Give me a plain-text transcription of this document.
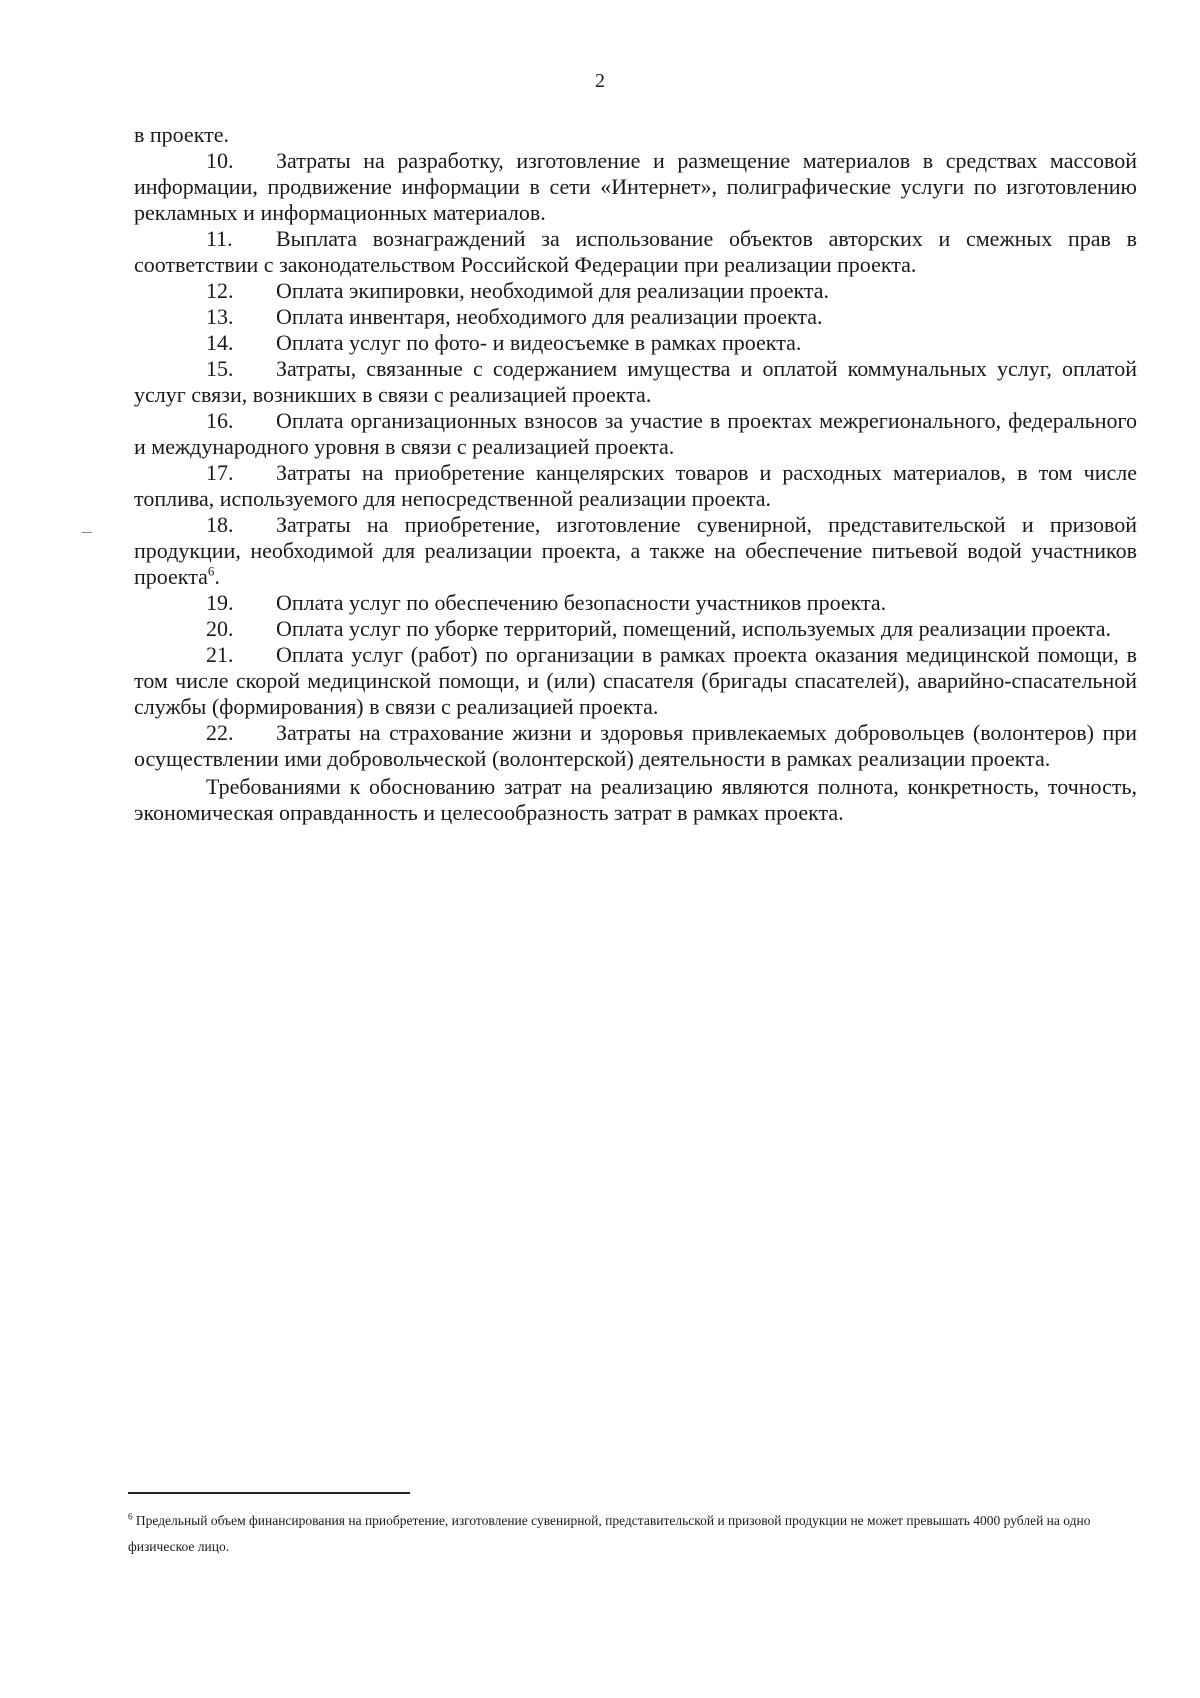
2

в проекте.

10. Затраты на разработку, изготовление и размещение материалов в средствах массовой информации, продвижение информации в сети «Интернет», полиграфические услуги по изготовлению рекламных и информационных материалов.

11. Выплата вознаграждений за использование объектов авторских и смежных прав в соответствии с законодательством Российской Федерации при реализации проекта.

12. Оплата экипировки, необходимой для реализации проекта.

13. Оплата инвентаря, необходимого для реализации проекта.

14. Оплата услуг по фото- и видеосъемке в рамках проекта.

15. Затраты, связанные с содержанием имущества и оплатой коммунальных услуг, оплатой услуг связи, возникших в связи с реализацией проекта.

16. Оплата организационных взносов за участие в проектах межрегионального, федерального и международного уровня в связи с реализацией проекта.

17. Затраты на приобретение канцелярских товаров и расходных материалов, в том числе топлива, используемого для непосредственной реализации проекта.

18. Затраты на приобретение, изготовление сувенирной, представительской и призовой продукции, необходимой для реализации проекта, а также на обеспечение питьевой водой участников проекта$^6$.

19. Оплата услуг по обеспечению безопасности участников проекта.

20. Оплата услуг по уборке территорий, помещений, используемых для реализации проекта.

21. Оплата услуг (работ) по организации в рамках проекта оказания медицинской помощи, в том числе скорой медицинской помощи, и (или) спасателя (бригады спасателей), аварийно-спасательной службы (формирования) в связи с реализацией проекта.

22. Затраты на страхование жизни и здоровья привлекаемых добровольцев (волонтеров) при осуществлении ими добровольческой (волонтерской) деятельности в рамках реализации проекта.

Требованиями к обоснованию затрат на реализацию являются полнота, конкретность, точность, экономическая оправданность и целесообразность затрат в рамках проекта.

$^6$ Предельный объем финансирования на приобретение, изготовление сувенирной, представительской и призовой продукции не может превышать 4000 рублей на одно физическое лицо.
